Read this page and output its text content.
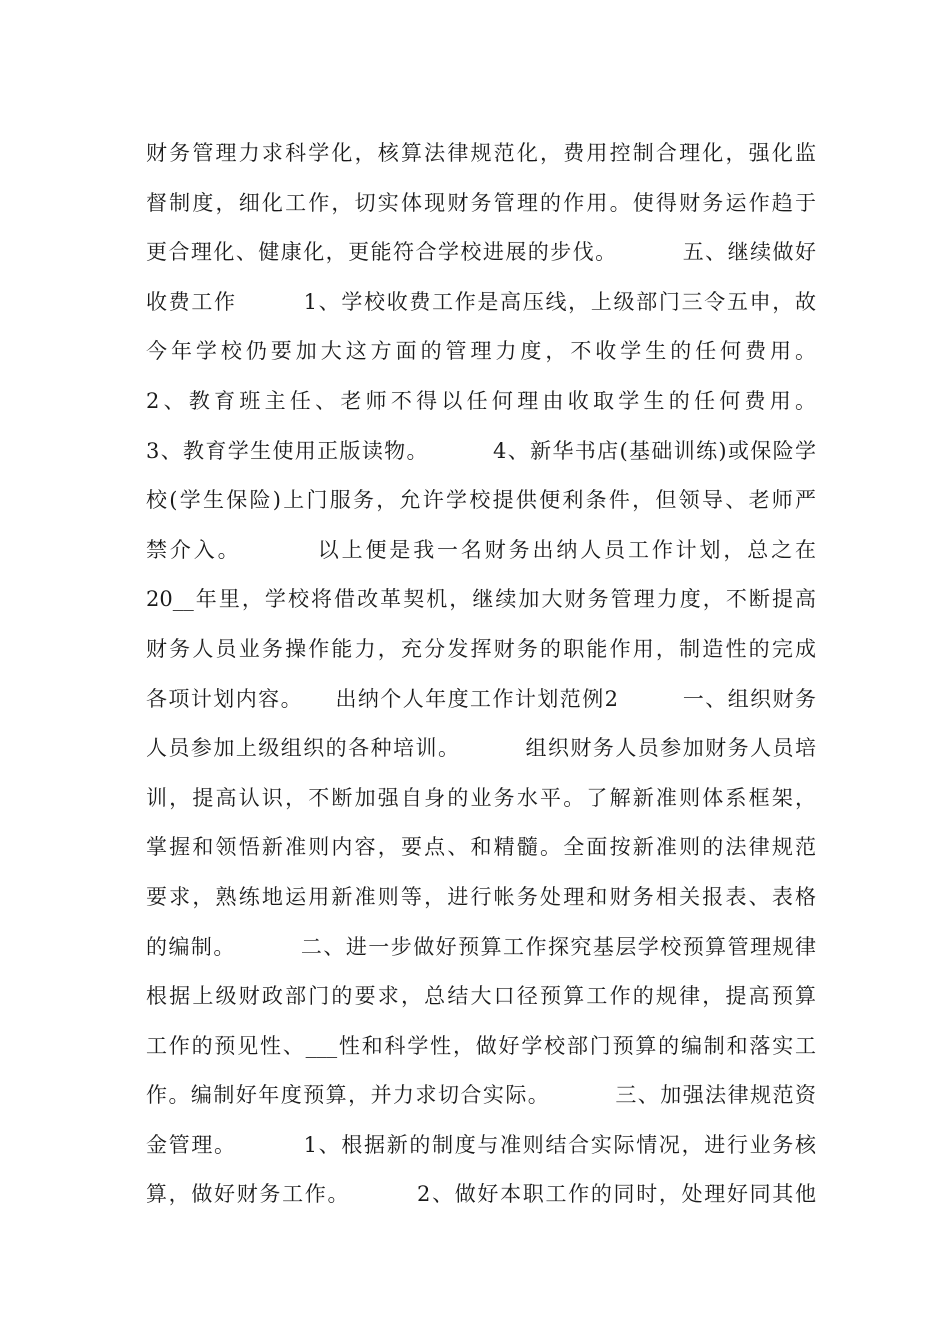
财务管理力求科学化，核算法律规范化，费用控制合理化，强化监
督制度，细化工作，切实体现财务管理的作用。使得财务运作趋于
更合理化、健康化，更能符合学校进展的步伐。        五、继续做好
收费工作        1、学校收费工作是高压线，上级部门三令五申，故
今年学校仍要加大这方面的管理力度，不收学生的任何费用。
2、教育班主任、老师不得以任何理由收取学生的任何费用。
3、教育学生使用正版读物。        4、新华书店(基础训练)或保险学
校(学生保险)上门服务，允许学校提供便利条件，但领导、老师严
禁介入。        以上便是我一名财务出纳人员工作计划，总之在
20__年里，学校将借改革契机，继续加大财务管理力度，不断提高
财务人员业务操作能力，充分发挥财务的职能作用，制造性的完成
各项计划内容。    出纳个人年度工作计划范例2        一、组织财务
人员参加上级组织的各种培训。        组织财务人员参加财务人员培
训，提高认识，不断加强自身的业务水平。了解新准则体系框架，
掌握和领悟新准则内容，要点、和精髓。全面按新准则的法律规范
要求，熟练地运用新准则等，进行帐务处理和财务相关报表、表格
的编制。        二、进一步做好预算工作探究基层学校预算管理规律
根据上级财政部门的要求，总结大口径预算工作的规律，提高预算
工作的预见性、___性和科学性，做好学校部门预算的编制和落实工
作。编制好年度预算，并力求切合实际。        三、加强法律规范资
金管理。        1、根据新的制度与准则结合实际情况，进行业务核
算，做好财务工作。        2、做好本职工作的同时，处理好同其他
